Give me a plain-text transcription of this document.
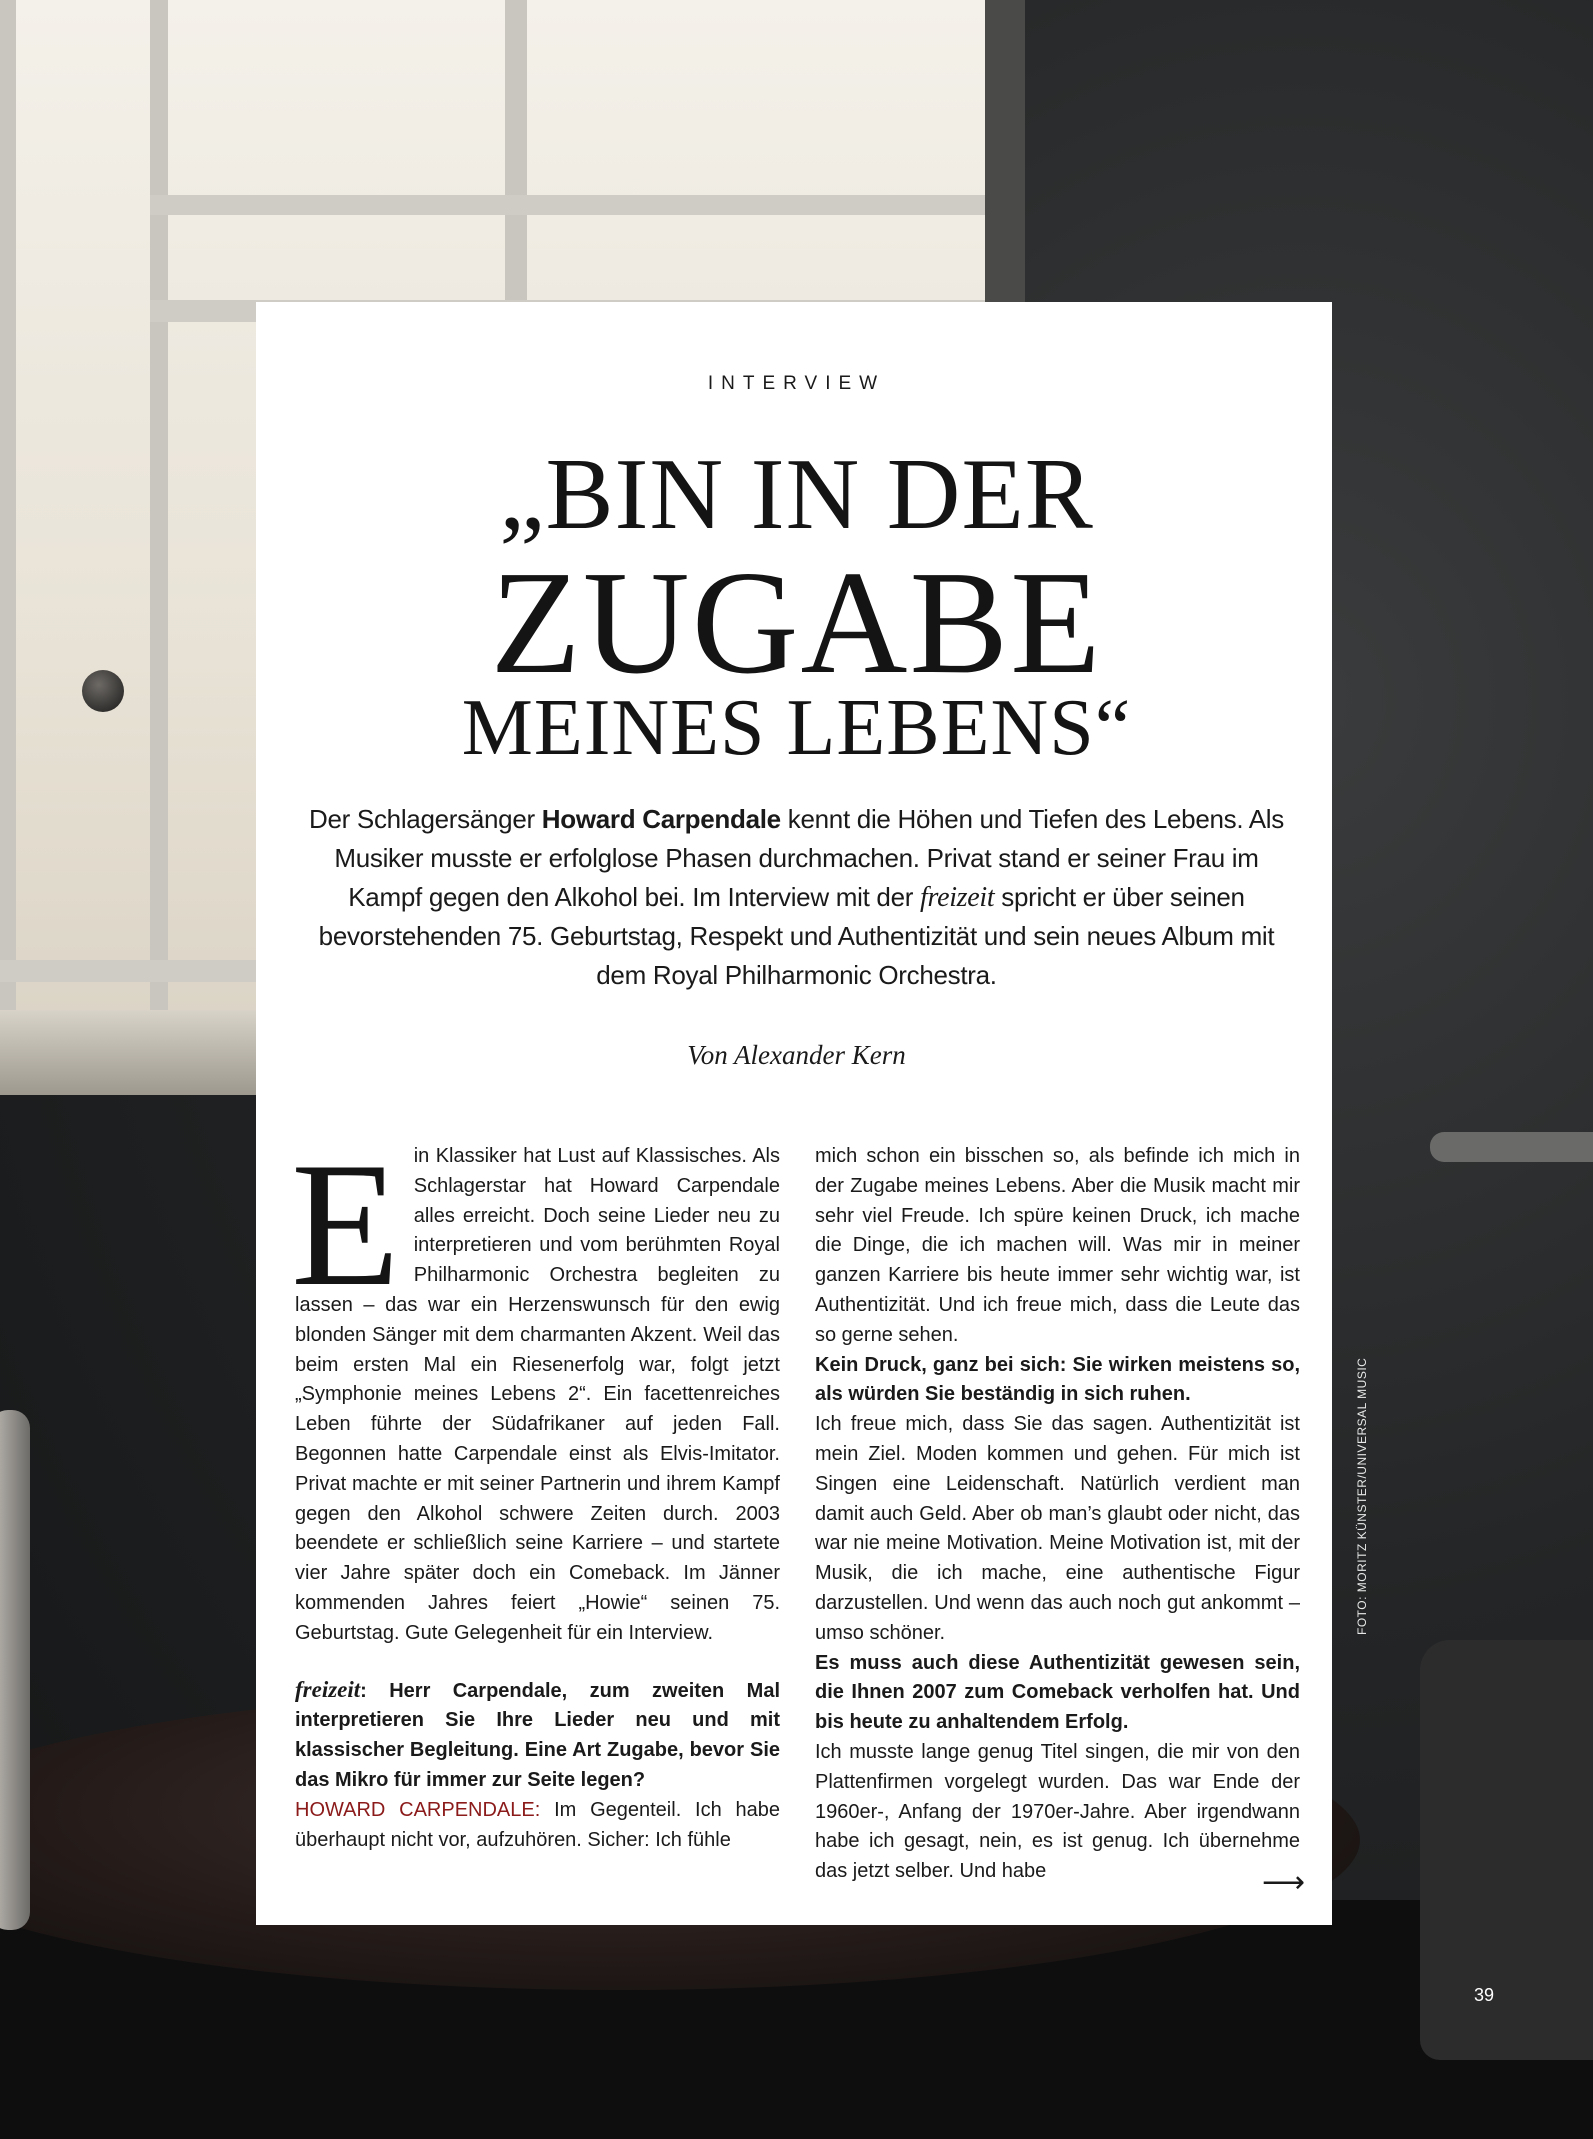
INTERVIEW
„BIN IN DER
ZUGABE
MEINES LEBENS“
Der Schlagersänger Howard Carpendale kennt die Höhen und Tiefen des Lebens. Als Musiker musste er erfolglose Phasen durchmachen. Privat stand er seiner Frau im Kampf gegen den Alkohol bei. Im Interview mit der freizeit spricht er über seinen bevorstehenden 75. Geburtstag, Respekt und Authentizität und sein neues Album mit dem Royal Philharmonic Orchestra.
Von Alexander Kern
E in Klassiker hat Lust auf Klassisches. Als Schlagerstar hat Howard Carpendale alles erreicht. Doch seine Lieder neu zu interpretieren und vom berühmten Royal Philharmonic Orchestra begleiten zu lassen – das war ein Herzenswunsch für den ewig blonden Sänger mit dem charmanten Akzent. Weil das beim ersten Mal ein Riesenerfolg war, folgt jetzt „Symphonie meines Lebens 2“. Ein facettenreiches Leben führte der Südafrikaner auf jeden Fall. Begonnen hatte Carpendale einst als Elvis-Imitator. Privat machte er mit seiner Partnerin und ihrem Kampf gegen den Alkohol schwere Zeiten durch. 2003 beendete er schließlich seine Karriere – und startete vier Jahre später doch ein Comeback. Im Jänner kommenden Jahres feiert „Howie“ seinen 75. Geburtstag. Gute Gelegenheit für ein Interview.

freizeit: Herr Carpendale, zum zweiten Mal interpretieren Sie Ihre Lieder neu und mit klassischer Begleitung. Eine Art Zugabe, bevor Sie das Mikro für immer zur Seite legen?

HOWARD CARPENDALE: Im Gegenteil. Ich habe überhaupt nicht vor, aufzuhören. Sicher: Ich fühle

mich schon ein bisschen so, als befinde ich mich in der Zugabe meines Lebens. Aber die Musik macht mir sehr viel Freude. Ich spüre keinen Druck, ich mache die Dinge, die ich machen will. Was mir in meiner ganzen Karriere bis heute immer sehr wichtig war, ist Authentizität. Und ich freue mich, dass die Leute das so gerne sehen.

Kein Druck, ganz bei sich: Sie wirken meistens so, als würden Sie beständig in sich ruhen.

Ich freue mich, dass Sie das sagen. Authentizität ist mein Ziel. Moden kommen und gehen. Für mich ist Singen eine Leidenschaft. Natürlich verdient man damit auch Geld. Aber ob man’s glaubt oder nicht, das war nie meine Motivation. Meine Motivation ist, mit der Musik, die ich mache, eine authentische Figur darzustellen. Und wenn das auch noch gut ankommt – umso schöner.

Es muss auch diese Authentizität gewesen sein, die Ihnen 2007 zum Comeback verholfen hat. Und bis heute zu anhaltendem Erfolg.

Ich musste lange genug Titel singen, die mir von den Plattenfirmen vorgelegt wurden. Das war Ende der 1960er-, Anfang der 1970er-Jahre. Aber irgendwann habe ich gesagt, nein, es ist genug. Ich übernehme das jetzt selber. Und habe	⟶
FOTO: MORITZ KÜNSTER/UNIVERSAL MUSIC
39
